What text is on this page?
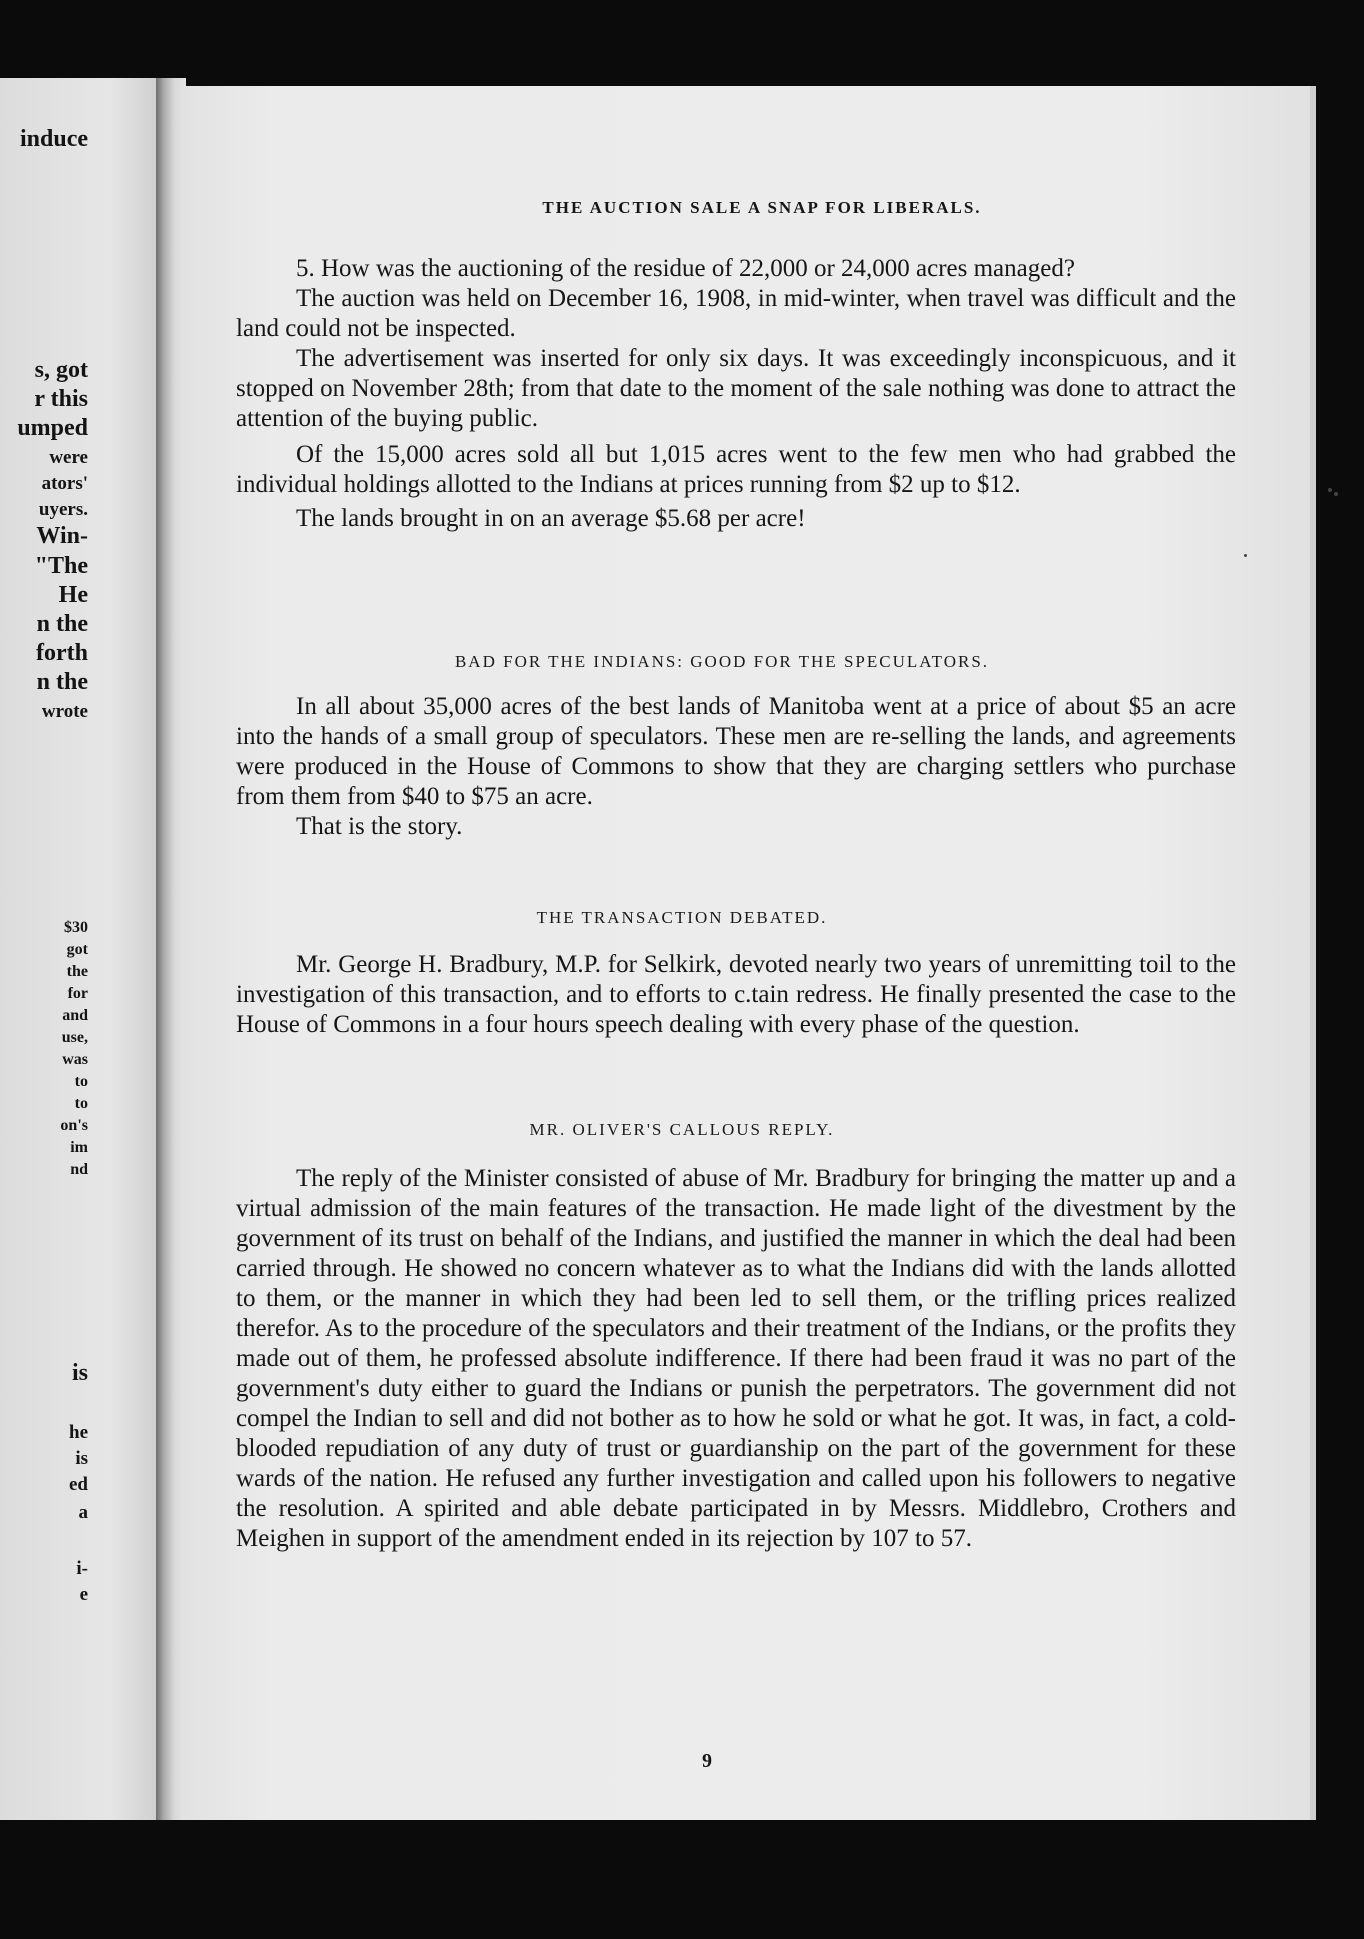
induce
s, got
r this
umped
were
ators'
uyers.
Win-
"The
He
n the
forth
n the
wrote
$30
got
the
for
and
use,
was
to
to
on's
im
nd
is
he
is
ed
a
i-
e
THE AUCTION SALE A SNAP FOR LIBERALS.

5. How was the auctioning of the residue of 22,000 or 24,000 acres managed?

The auction was held on December 16, 1908, in mid-winter, when travel was difficult and the land could not be inspected.

The advertisement was inserted for only six days. It was exceedingly inconspicuous, and it stopped on November 28th; from that date to the moment of the sale nothing was done to attract the attention of the buying public.

Of the 15,000 acres sold all but 1,015 acres went to the few men who had grabbed the individual holdings allotted to the Indians at prices running from $2 up to $12.

The lands brought in on an average $5.68 per acre!

BAD FOR THE INDIANS: GOOD FOR THE SPECULATORS.

In all about 35,000 acres of the best lands of Manitoba went at a price of about $5 an acre into the hands of a small group of speculators. These men are re-selling the lands, and agreements were produced in the House of Commons to show that they are charging settlers who purchase from them from $40 to $75 an acre.

That is the story.

THE TRANSACTION DEBATED.

Mr. George H. Bradbury, M.P. for Selkirk, devoted nearly two years of unremitting toil to the investigation of this transaction, and to efforts to c.tain redress. He finally presented the case to the House of Commons in a four hours speech dealing with every phase of the question.

MR. OLIVER'S CALLOUS REPLY.

The reply of the Minister consisted of abuse of Mr. Bradbury for bringing the matter up and a virtual admission of the main features of the transaction. He made light of the divestment by the government of its trust on behalf of the Indians, and justified the manner in which the deal had been carried through. He showed no concern whatever as to what the Indians did with the lands allotted to them, or the manner in which they had been led to sell them, or the trifling prices realized therefor. As to the procedure of the speculators and their treatment of the Indians, or the profits they made out of them, he professed absolute indifference. If there had been fraud it was no part of the government's duty either to guard the Indians or punish the perpetrators. The government did not compel the Indian to sell and did not bother as to how he sold or what he got. It was, in fact, a cold-blooded repudiation of any duty of trust or guardianship on the part of the government for these wards of the nation. He refused any further investigation and called upon his followers to negative the resolution. A spirited and able debate participated in by Messrs. Middlebro, Crothers and Meighen in support of the amendment ended in its rejection by 107 to 57.

9
